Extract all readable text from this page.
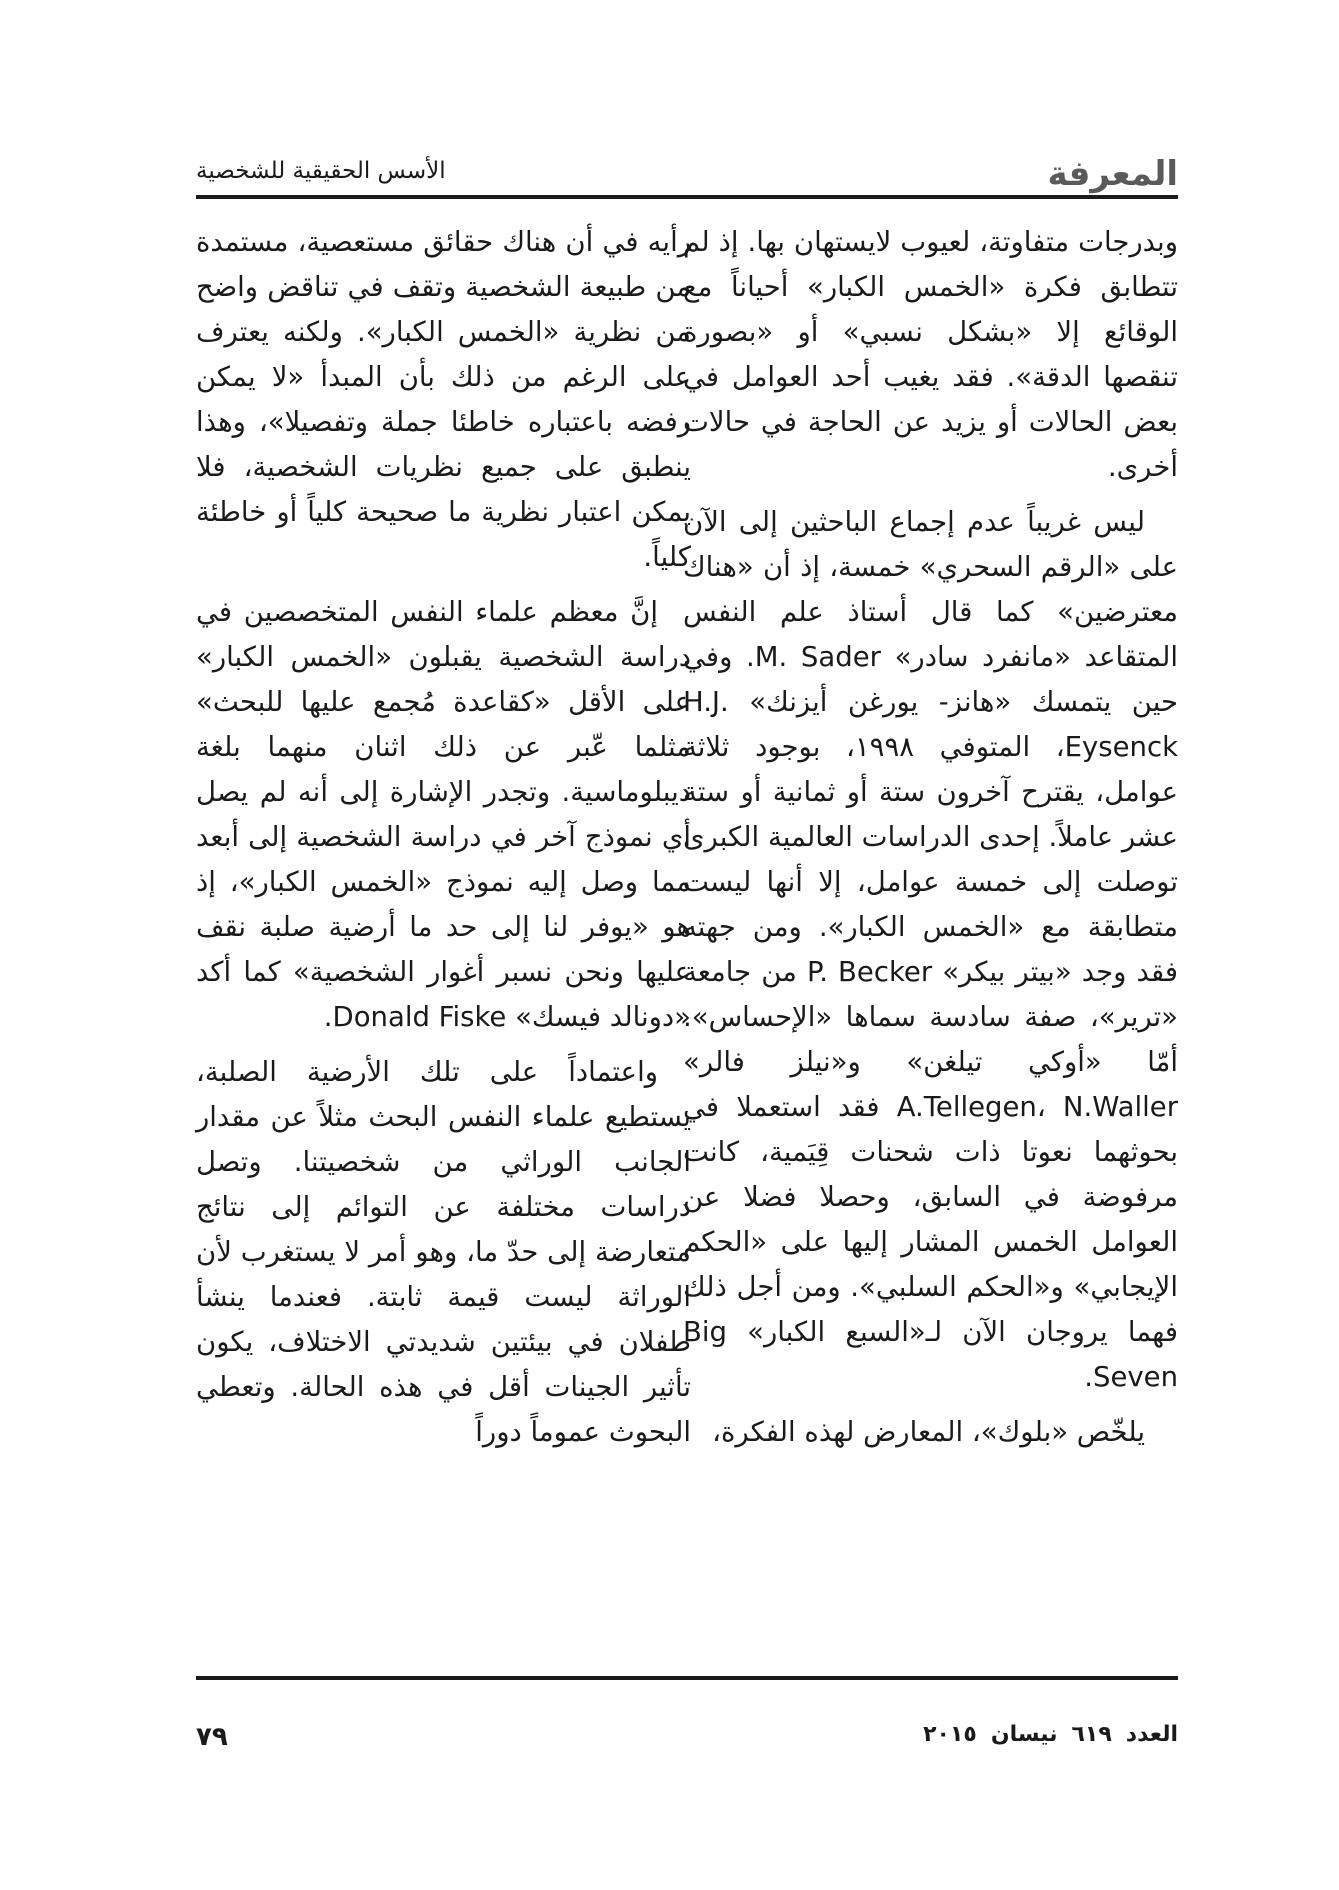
المعرفة
الأسس الحقيقية للشخصية

وبدرجات متفاوتة، لعيوب لايستهان بها. إذ لم تتطابق فكرة «الخمس الكبار» أحياناً مع الوقائع إلا «بشكل نسبي» أو «بصورة تنقصها الدقة». فقد يغيب أحد العوامل في بعض الحالات أو يزيد عن الحاجة في حالات أخرى.

ليس غريباً عدم إجماع الباحثين إلى الآن على «الرقم السحري» خمسة، إذ أن «هناك معترضين» كما قال أستاذ علم النفس المتقاعد «مانفرد سادر» M. Sader. وفي حين يتمسك «هانز- يورغن أيزنك» H.J. Eysenck، المتوفي ١٩٩٨، بوجود ثلاثة عوامل، يقترح آخرون ستة أو ثمانية أو ستة عشر عاملاً. إحدى الدراسات العالمية الكبرى توصلت إلى خمسة عوامل، إلا أنها ليست متطابقة مع «الخمس الكبار». ومن جهته فقد وجد «بيتر بيكر» P. Becker من جامعة «ترير»، صفة سادسة سماها «الإحساس». أمّا «أوكي تيلغن» و«نيلز فالر» A.Tellegen، N.Waller فقد استعملا في بحوثهما نعوتا ذات شحنات قِيَمية، كانت مرفوضة في السابق، وحصلا فضلا عن العوامل الخمس المشار إليها على «الحكم الإيجابي» و«الحكم السلبي». ومن أجل ذلك فهما يروجان الآن لـ«السبع الكبار» Big Seven.

يلخّص «بلوك»، المعارض لهذه الفكرة،

رأيه في أن هناك حقائق مستعصية، مستمدة من طبيعة الشخصية وتقف في تناقض واضح من نظرية «الخمس الكبار». ولكنه يعترف على الرغم من ذلك بأن المبدأ «لا يمكن رفضه باعتباره خاطئا جملة وتفصيلا»، وهذا ينطبق على جميع نظريات الشخصية، فلا يمكن اعتبار نظرية ما صحيحة كلياً أو خاطئة كلياً.

إنَّ معظم علماء النفس المتخصصين في دراسة الشخصية يقبلون «الخمس الكبار» على الأقل «كقاعدة مُجمع عليها للبحث» مثلما عّبر عن ذلك اثنان منهما بلغة ديبلوماسية. وتجدر الإشارة إلى أنه لم يصل أي نموذج آخر في دراسة الشخصية إلى أبعد مما وصل إليه نموذج «الخمس الكبار»، إذ هو «يوفر لنا إلى حد ما أرضية صلبة نقف عليها ونحن نسبر أغوار الشخصية» كما أكد «دونالد فيسك» Donald Fiske.

واعتماداً على تلك الأرضية الصلبة، يستطيع علماء النفس البحث مثلاً عن مقدار الجانب الوراثي من شخصيتنا. وتصل دراسات مختلفة عن التوائم إلى نتائج متعارضة إلى حدّ ما، وهو أمر لا يستغرب لأن الوراثة ليست قيمة ثابتة. فعندما ينشأ طفلان في بيئتين شديدتي الاختلاف، يكون تأثير الجينات أقل في هذه الحالة. وتعطي البحوث عموماً دوراً

العدد٦١٩نيسان٢٠١٥
٧٩
